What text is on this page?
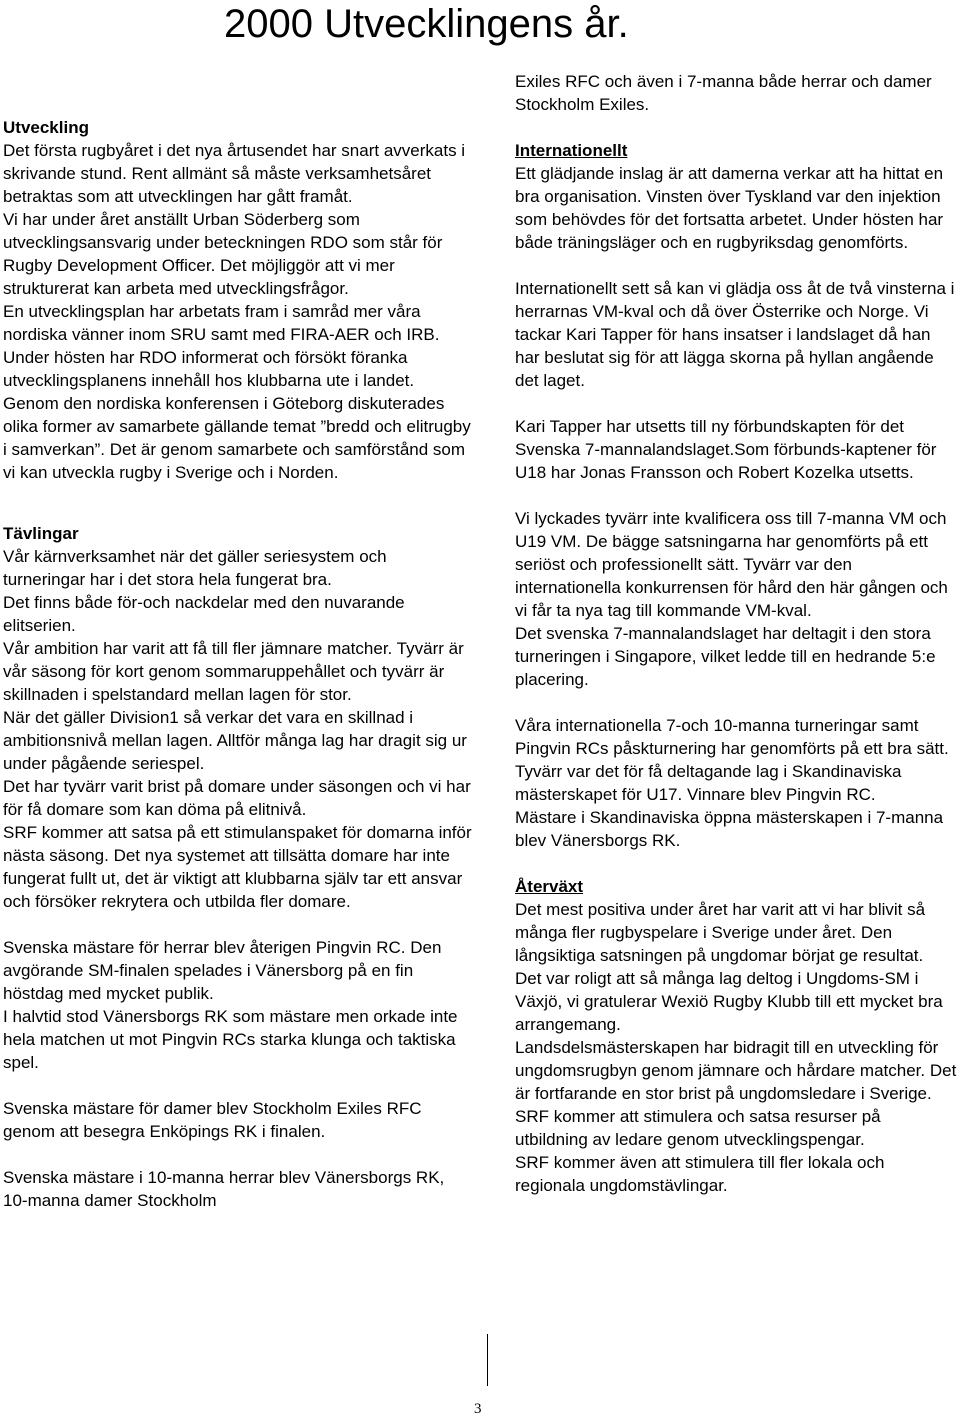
2000 Utvecklingens år.

Utveckling

Det första rugbyåret i det nya årtusendet har snart avverkats i skrivande stund. Rent allmänt så måste verksamhetsåret betraktas som att utvecklingen har gått framåt.

Vi har under året anställt Urban Söderberg som utvecklingsansvarig under beteckningen RDO som står för Rugby Development Officer. Det möjliggör att vi mer strukturerat kan arbeta med utvecklingsfrågor.

En utvecklingsplan har arbetats fram i samråd mer våra nordiska vänner inom SRU samt med FIRA-AER och IRB. Under hösten har RDO informerat och försökt föranka utvecklingsplanens innehåll hos klubbarna ute i landet.

Genom den nordiska konferensen i Göteborg diskuterades olika former av samarbete gällande temat ”bredd och elitrugby i samverkan”. Det är genom samarbete och samförstånd som vi kan utveckla rugby i Sverige och i Norden.

Tävlingar

Vår kärnverksamhet när det gäller seriesystem och turneringar har i det stora hela fungerat bra.

Det finns både för-och nackdelar med den nuvarande elitserien.

Vår ambition har varit att få till fler jämnare matcher. Tyvärr är vår säsong för kort genom sommaruppehållet och tyvärr är skillnaden i spelstandard mellan lagen för stor.

När det gäller Division1 så verkar det vara en skillnad i ambitionsnivå mellan lagen. Alltför många lag har dragit sig ur under pågående seriespel.

Det har tyvärr varit brist på domare under säsongen och vi har för få domare som kan döma på elitnivå.

SRF kommer att satsa på ett stimulanspaket för domarna inför nästa säsong. Det nya systemet att tillsätta domare har inte fungerat fullt ut, det är viktigt att klubbarna själv tar ett ansvar och försöker rekrytera och utbilda fler domare.

Svenska mästare för herrar blev återigen Pingvin RC. Den avgörande SM-finalen spelades i Vänersborg på en fin höstdag med mycket publik.

I halvtid stod Vänersborgs RK som mästare men orkade inte hela matchen ut mot Pingvin RCs starka klunga och taktiska spel.

Svenska mästare för damer blev Stockholm Exiles RFC genom att besegra Enköpings RK i finalen.

Svenska mästare i 10-manna herrar blev Vänersborgs RK, 10-manna damer Stockholm

Exiles RFC och även i 7-manna både herrar och damer Stockholm Exiles.

Internationellt

Ett glädjande inslag är att damerna verkar att ha hittat en bra organisation. Vinsten över Tyskland var den injektion som behövdes för det fortsatta arbetet. Under hösten har både träningsläger och en rugbyriksdag genomförts.

Internationellt sett så kan vi glädja oss åt de två vinsterna i herrarnas VM-kval och då över Österrike och Norge. Vi tackar Kari Tapper för hans insatser i landslaget då han har beslutat sig för att lägga skorna på hyllan angående det laget.

Kari Tapper har utsetts till ny förbundskapten för det Svenska 7-mannalandslaget.Som förbunds-kaptener för U18 har Jonas Fransson och Robert Kozelka utsetts.

Vi lyckades tyvärr inte kvalificera oss till 7-manna VM och U19 VM. De bägge satsningarna har genomförts på ett seriöst och professionellt sätt. Tyvärr var den internationella konkurrensen för hård den här gången och vi får ta nya tag till kommande VM-kval.

Det svenska 7-mannalandslaget har deltagit i den stora turneringen i Singapore, vilket ledde till en hedrande 5:e placering.

Våra internationella 7-och 10-manna turneringar samt Pingvin RCs påskturnering har genomförts på ett bra sätt. Tyvärr var det för få deltagande lag i Skandinaviska mästerskapet för U17. Vinnare blev Pingvin RC.

Mästare i Skandinaviska öppna mästerskapen i 7-manna blev Vänersborgs RK.

Återväxt

Det mest positiva under året har varit att vi har blivit så många fler rugbyspelare i Sverige under året. Den långsiktiga satsningen på ungdomar börjat ge resultat.

Det var roligt att så många lag deltog i Ungdoms-SM i Växjö, vi gratulerar Wexiö Rugby Klubb till ett mycket bra arrangemang.

Landsdelsmästerskapen har bidragit till en utveckling för ungdomsrugbyn genom jämnare och hårdare matcher. Det är fortfarande en stor brist på ungdomsledare i Sverige. SRF kommer att stimulera och satsa resurser på utbildning av ledare genom utvecklingspengar.

SRF kommer även att stimulera till fler lokala och regionala ungdomstävlingar.

3
